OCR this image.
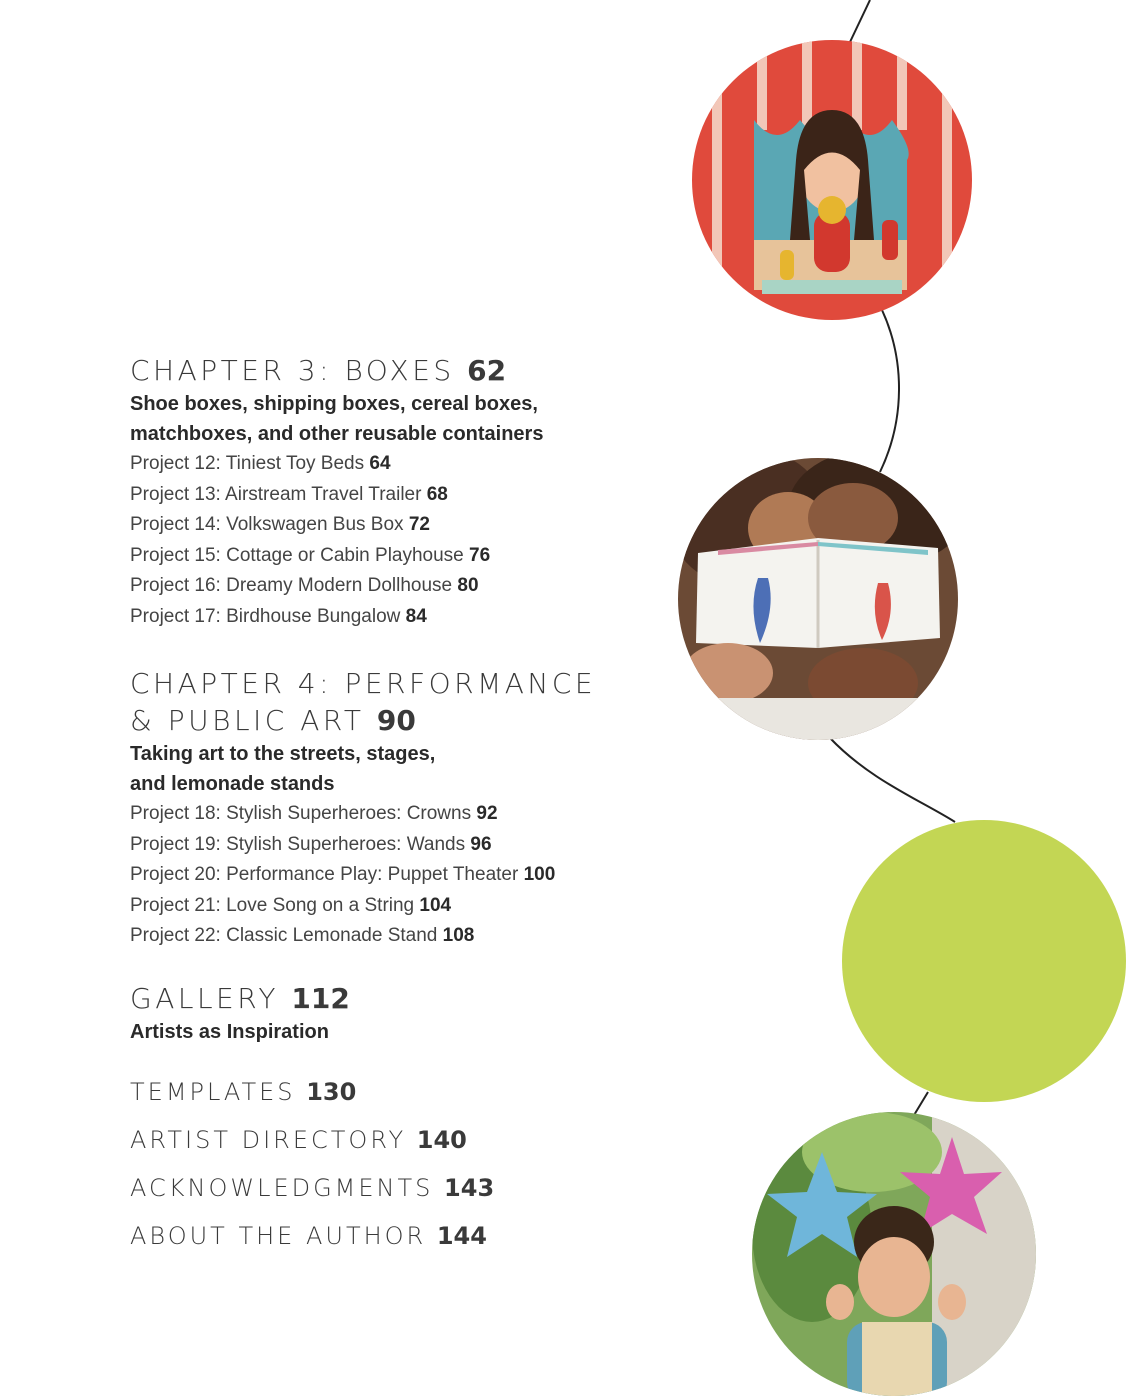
CHAPTER 3: BOXES 62

Shoe boxes, shipping boxes, cereal boxes,

matchboxes, and other reusable containers

Project 12: Tiniest Toy Beds 64

Project 13: Airstream Travel Trailer 68

Project 14: Volkswagen Bus Box 72

Project 15: Cottage or Cabin Playhouse 76

Project 16: Dreamy Modern Dollhouse 80

Project 17: Birdhouse Bungalow 84

CHAPTER 4: PERFORMANCE

& PUBLIC ART 90

Taking art to the streets, stages,

and lemonade stands

Project 18: Stylish Superheroes: Crowns 92

Project 19: Stylish Superheroes: Wands 96

Project 20: Performance Play: Puppet Theater 100

Project 21: Love Song on a String 104

Project 22: Classic Lemonade Stand 108

GALLERY 112

Artists as Inspiration

TEMPLATES 130

ARTIST DIRECTORY 140

ACKNOWLEDGMENTS 143

ABOUT THE AUTHOR 144
